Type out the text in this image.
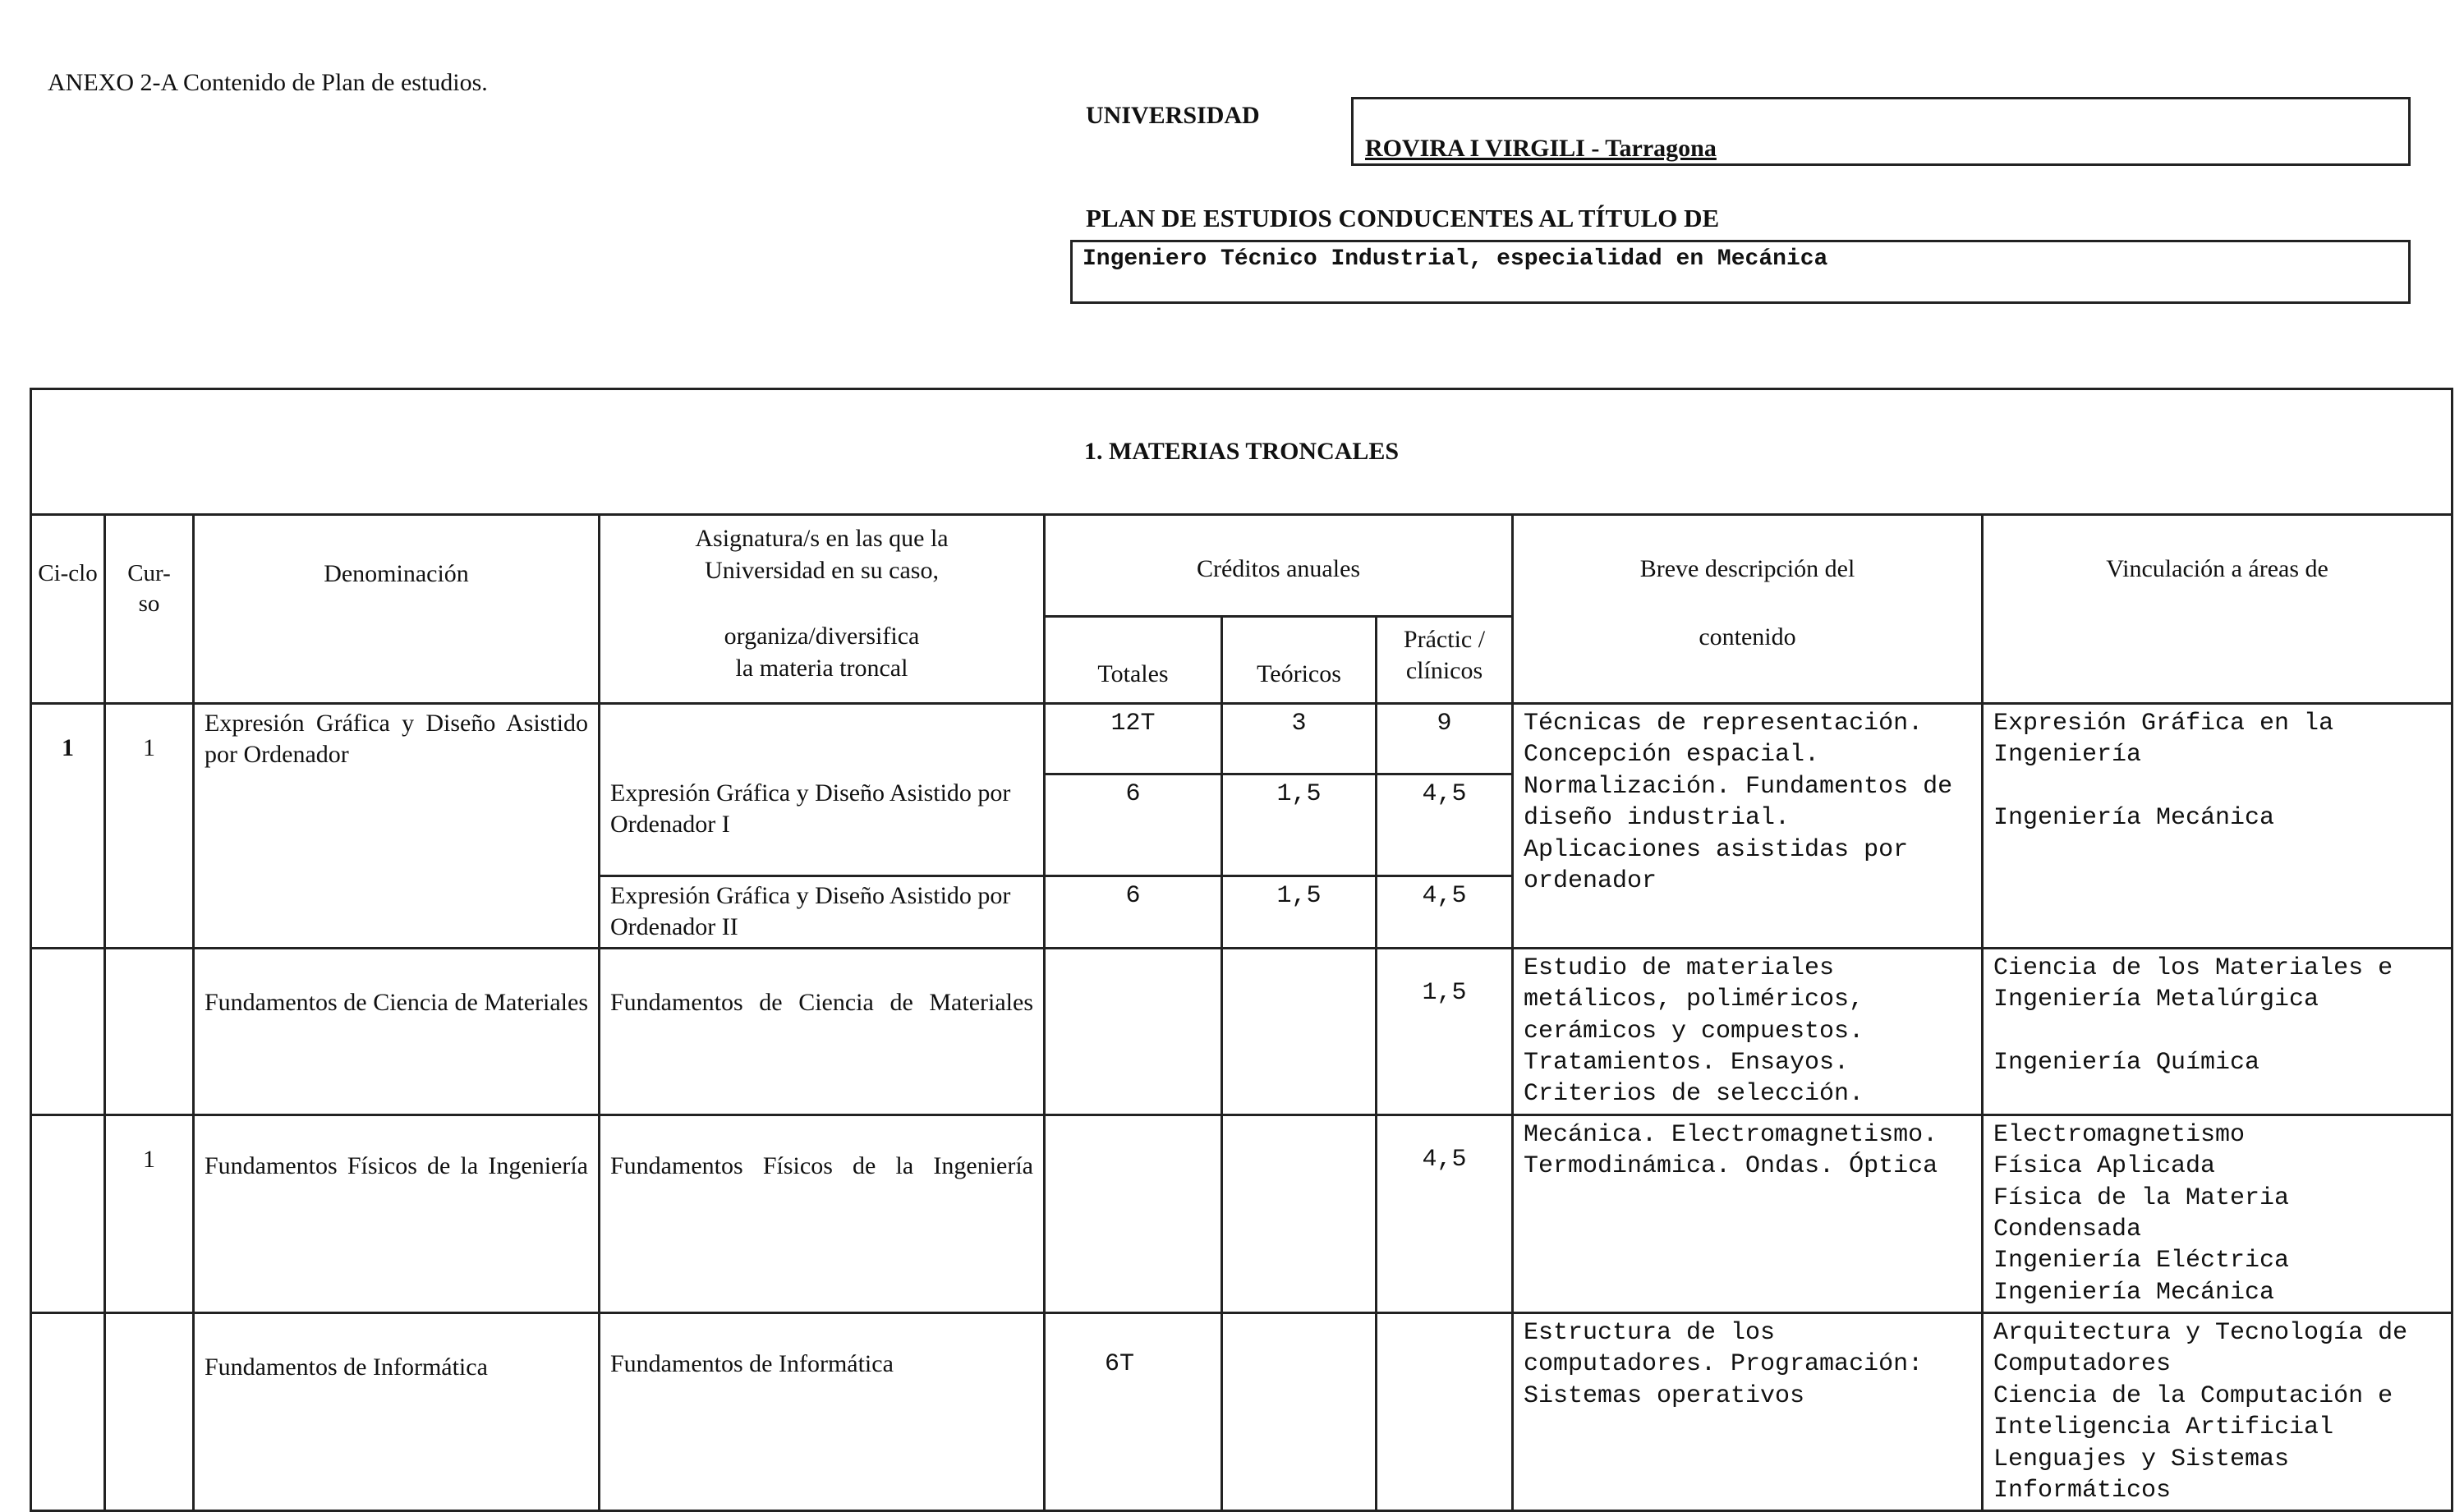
ANEXO 2-A Contenido de Plan de estudios.
UNIVERSIDAD
ROVIRA I VIRGILI - Tarragona
PLAN DE ESTUDIOS CONDUCENTES AL TÍTULO DE
Ingeniero Técnico Industrial, especialidad en Mecánica
1. MATERIAS TRONCALES								

Ci-clo	Cur-so	Denominación	Asignatura/s en las que la Universidad en su caso,	Créditos anuales			Breve descripción del	Vinculación a áreas de

			organiza/diversifica la materia troncal	Totales	Teóricos	Práctic / clínicos	contenido	

1	1	Expresión Gráfica y Diseño Asistido por Ordenador		12T	3	9	Técnicas de representación. Concepción espacial. Normalización. Fundamentos de diseño industrial. Aplicaciones asistidas por ordenador	Expresión Gráfica en la Ingeniería
Ingeniería Mecánica

			Expresión Gráfica y Diseño Asistido por Ordenador I	6	1,5	4,5		
			Expresión Gráfica y Diseño Asistido por Ordenador II	6	1,5	4,5		

		Fundamentos de Ciencia de Materiales	Fundamentos de Ciencia de Materiales			1,5	Estudio de materiales metálicos, poliméricos, cerámicos y compuestos. Tratamientos. Ensayos. Criterios de selección.	Ciencia de los Materiales e Ingeniería Metalúrgica
Ingeniería Química

	1	Fundamentos Físicos de la Ingeniería	Fundamentos Físicos de la Ingeniería			4,5	Mecánica. Electromagnetismo. Termodinámica. Ondas. Óptica	Electromagnetismo
Física Aplicada
Física de la Materia Condensada
Ingeniería Eléctrica
Ingeniería Mecánica

		Fundamentos de Informática	Fundamentos de Informática	6T			Estructura de los computadores. Programación: Sistemas operativos	Arquitectura y Tecnología de Computadores
Ciencia de la Computación e Inteligencia Artificial
Lenguajes y Sistemas Informáticos
